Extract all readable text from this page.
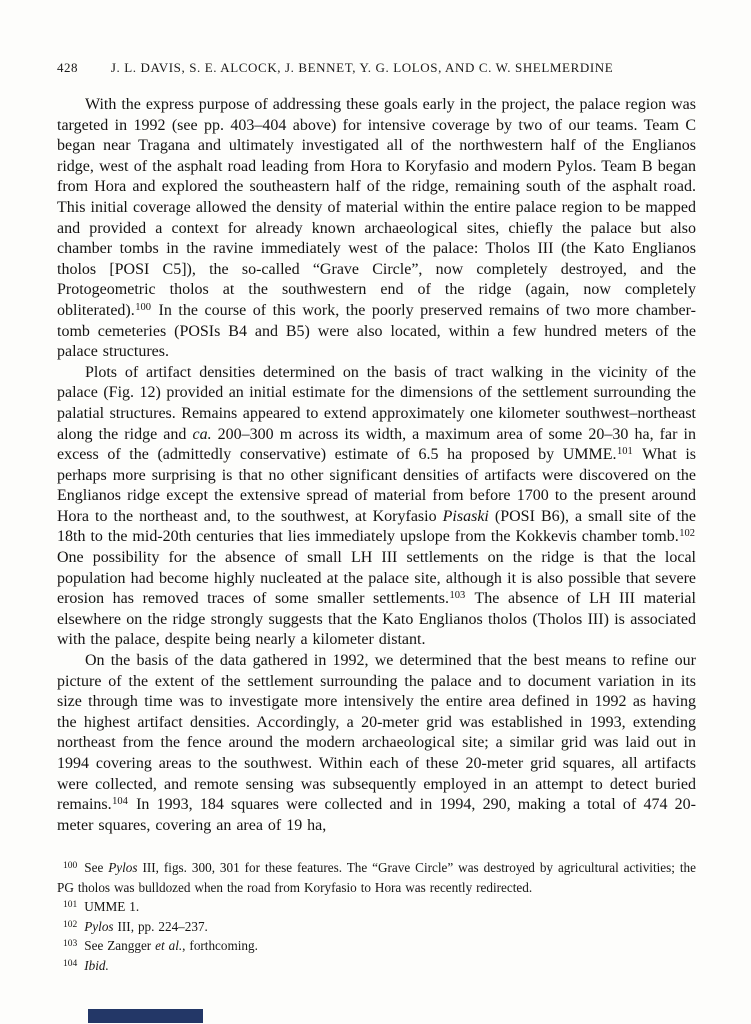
428	J. L. DAVIS, S. E. ALCOCK, J. BENNET, Y. G. LOLOS, AND C. W. SHELMERDINE

With the express purpose of addressing these goals early in the project, the palace region was targeted in 1992 (see pp. 403–404 above) for intensive coverage by two of our teams. Team C began near Tragana and ultimately investigated all of the northwestern half of the Englianos ridge, west of the asphalt road leading from Hora to Koryfasio and modern Pylos. Team B began from Hora and explored the southeastern half of the ridge, remaining south of the asphalt road. This initial coverage allowed the density of material within the entire palace region to be mapped and provided a context for already known archaeological sites, chiefly the palace but also chamber tombs in the ravine immediately west of the palace: Tholos III (the Kato Englianos tholos [POSI C5]), the so-called “Grave Circle”, now completely destroyed, and the Protogeometric tholos at the southwestern end of the ridge (again, now completely obliterated).$^{100}$ In the course of this work, the poorly preserved remains of two more chamber-tomb cemeteries (POSIs B4 and B5) were also located, within a few hundred meters of the palace structures.

Plots of artifact densities determined on the basis of tract walking in the vicinity of the palace (Fig. 12) provided an initial estimate for the dimensions of the settlement surrounding the palatial structures. Remains appeared to extend approximately one kilometer southwest–northeast along the ridge and ca. 200–300 m across its width, a maximum area of some 20–30 ha, far in excess of the (admittedly conservative) estimate of 6.5 ha proposed by UMME.$^{101}$ What is perhaps more surprising is that no other significant densities of artifacts were discovered on the Englianos ridge except the extensive spread of material from before 1700 to the present around Hora to the northeast and, to the southwest, at Koryfasio Pisaski (POSI B6), a small site of the 18th to the mid-20th centuries that lies immediately upslope from the Kokkevis chamber tomb.$^{102}$ One possibility for the absence of small LH III settlements on the ridge is that the local population had become highly nucleated at the palace site, although it is also possible that severe erosion has removed traces of some smaller settlements.$^{103}$ The absence of LH III material elsewhere on the ridge strongly suggests that the Kato Englianos tholos (Tholos III) is associated with the palace, despite being nearly a kilometer distant.

On the basis of the data gathered in 1992, we determined that the best means to refine our picture of the extent of the settlement surrounding the palace and to document variation in its size through time was to investigate more intensively the entire area defined in 1992 as having the highest artifact densities. Accordingly, a 20-meter grid was established in 1993, extending northeast from the fence around the modern archaeological site; a similar grid was laid out in 1994 covering areas to the southwest. Within each of these 20-meter grid squares, all artifacts were collected, and remote sensing was subsequently employed in an attempt to detect buried remains.$^{104}$ In 1993, 184 squares were collected and in 1994, 290, making a total of 474 20-meter squares, covering an area of 19 ha,

$^{100}$ See Pylos III, figs. 300, 301 for these features. The “Grave Circle” was destroyed by agricultural activities; the PG tholos was bulldozed when the road from Koryfasio to Hora was recently redirected.

$^{101}$ UMME 1.

$^{102}$ Pylos III, pp. 224–237.

$^{103}$ See Zangger et al., forthcoming.

$^{104}$ Ibid.
